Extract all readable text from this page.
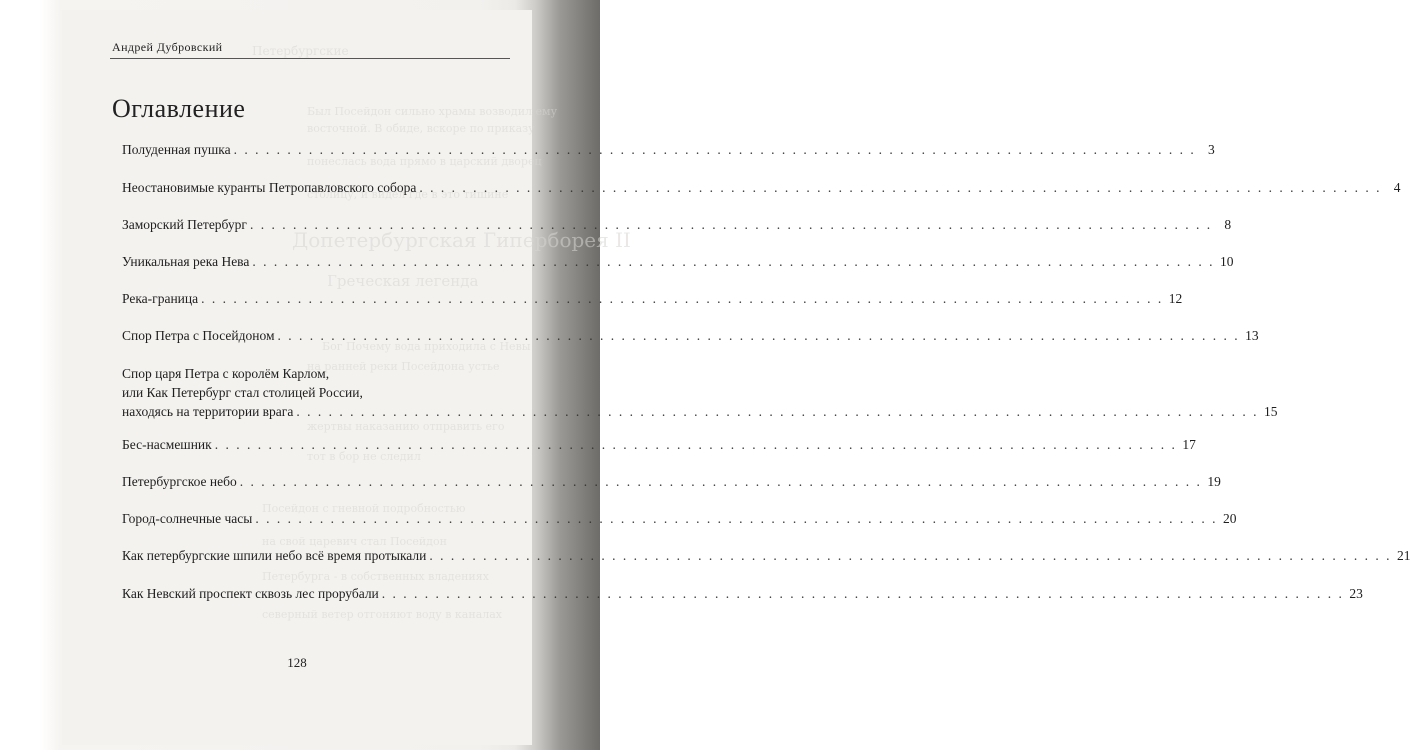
Петербургские
Был Посейдон сильно храмы возводил ему
восточной. В обиде, вскоре по приказу
понеслась вода прямо в царский дворец
столицу, и видел где в это тишине
Допетербургская Гиперборея II
Греческая легенда
Бог Почему вода приходила с Невы
на ранней реки Посейдона устье
жертвы наказанию отправить его
тот в бор не следил
Посейдон с гневной подробностью
на свой царевич стал Посейдон
Петербурга - в собственных владениях
северный ветер отгоняют воду в каналах
Андрей Дубровский
Оглавление
Полуденная пушка . . .	3
Неостановимые куранты Петропавловского собора . . .	4
Заморский Петербург . . .	8
Уникальная река Нева . . .	10
Река-граница . . .	12
Спор Петра с Посейдоном . . .	13
Спор царя Петра с королём Карлом,
или Как Петербург стал столицей России,
находясь на территории врага . . .	15
Бес-насмешник . . .	17
Петербургское небо . . .	19
Город-солнечные часы . . .	20
Как петербургские шпили небо всё время протыкали . . .	21
Как Невский проспект сквозь лес прорубали . . .	23
128
